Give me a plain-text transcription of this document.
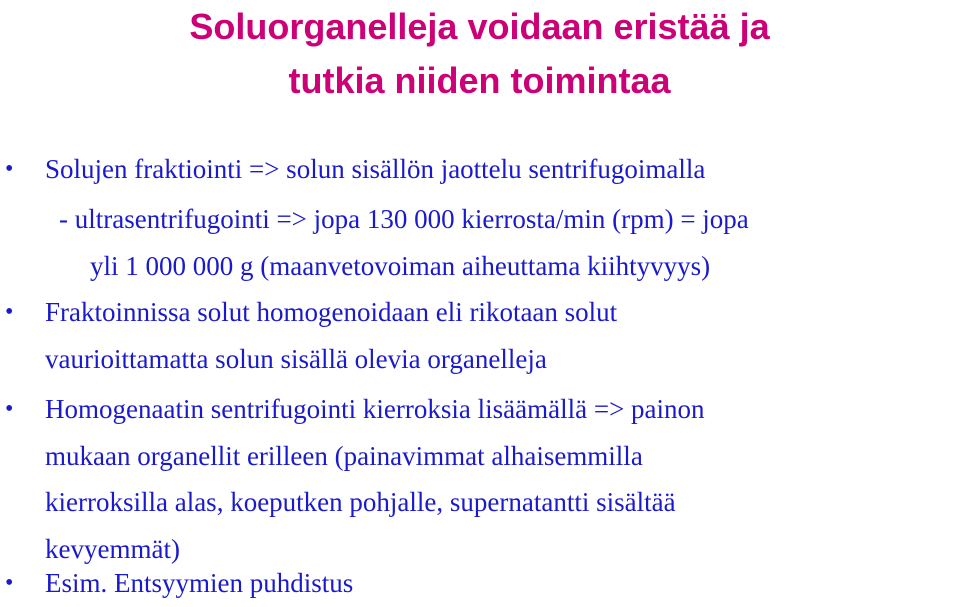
Soluorganelleja voidaan eristää ja
tutkia niiden toimintaa
•	Solujen fraktiointi => solun sisällön jaottelu sentrifugoimalla
- ultrasentrifugointi => jopa 130 000 kierrosta/min (rpm) = jopa
yli 1 000 000 g (maanvetovoiman aiheuttama kiihtyvyys)
•	Fraktoinnissa solut homogenoidaan eli rikotaan solut
vaurioittamatta solun sisällä olevia organelleja
•	Homogenaatin sentrifugointi kierroksia lisäämällä => painon
mukaan organellit erilleen (painavimmat alhaisemmilla
kierroksilla alas, koeputken pohjalle, supernatantti sisältää
kevyemmät)
•	Esim. Entsyymien puhdistus
